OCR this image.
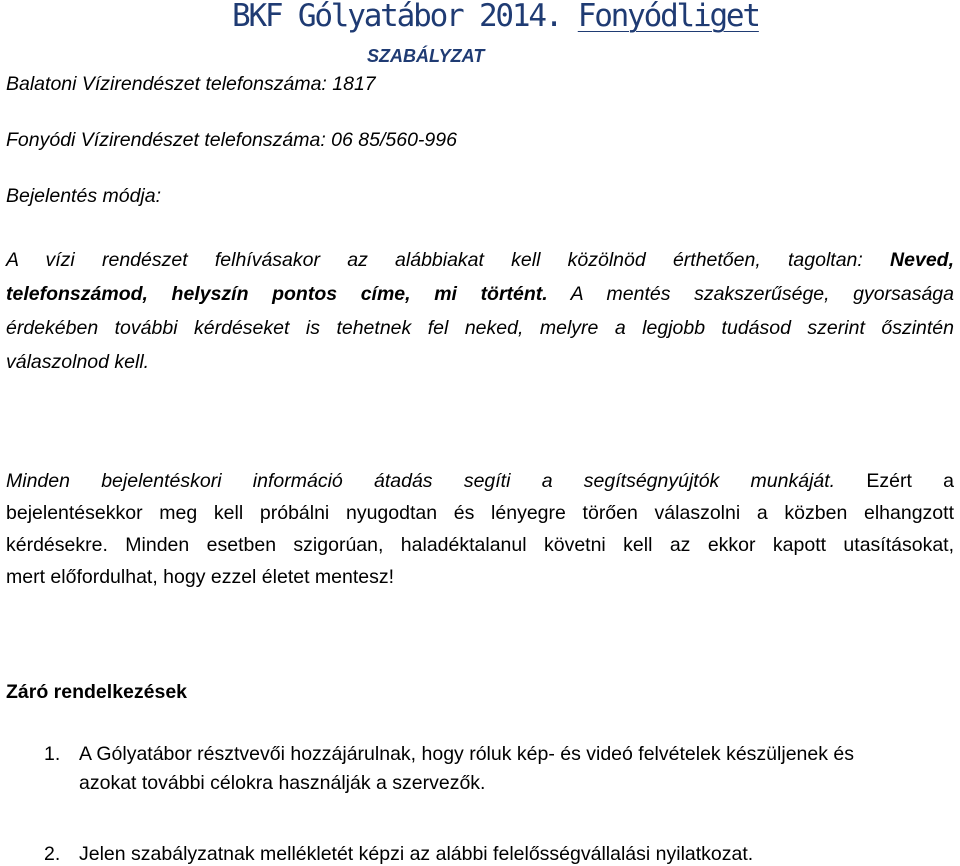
BKF Gólyatábor 2014. Fonyódliget
SZABÁLYZAT
Balatoni Vízirendészet telefonszáma: 1817
Fonyódi Vízirendészet telefonszáma: 06 85/560-996
Bejelentés módja:
A vízi rendészet felhívásakor az alábbiakat kell közölnöd érthetően, tagoltan: Neved,
telefonszámod, helyszín pontos címe, mi történt. A mentés szakszerűsége, gyorsasága
érdekében további kérdéseket is tehetnek fel neked, melyre a legjobb tudásod szerint őszintén
válaszolnod kell.
Minden bejelentéskori információ átadás segíti a segítségnyújtók munkáját. Ezért a
bejelentésekkor meg kell próbálni nyugodtan és lényegre törően válaszolni a közben elhangzott
kérdésekre. Minden esetben szigorúan, haladéktalanul követni kell az ekkor kapott utasításokat,
mert előfordulhat, hogy ezzel életet mentesz!
Záró rendelkezések
1. A Gólyatábor résztvevői hozzájárulnak, hogy róluk kép- és videó felvételek készüljenek és
azokat további célokra használják a szervezők.
2. Jelen szabályzatnak mellékletét képzi az alábbi felelősségvállalási nyilatkozat.
